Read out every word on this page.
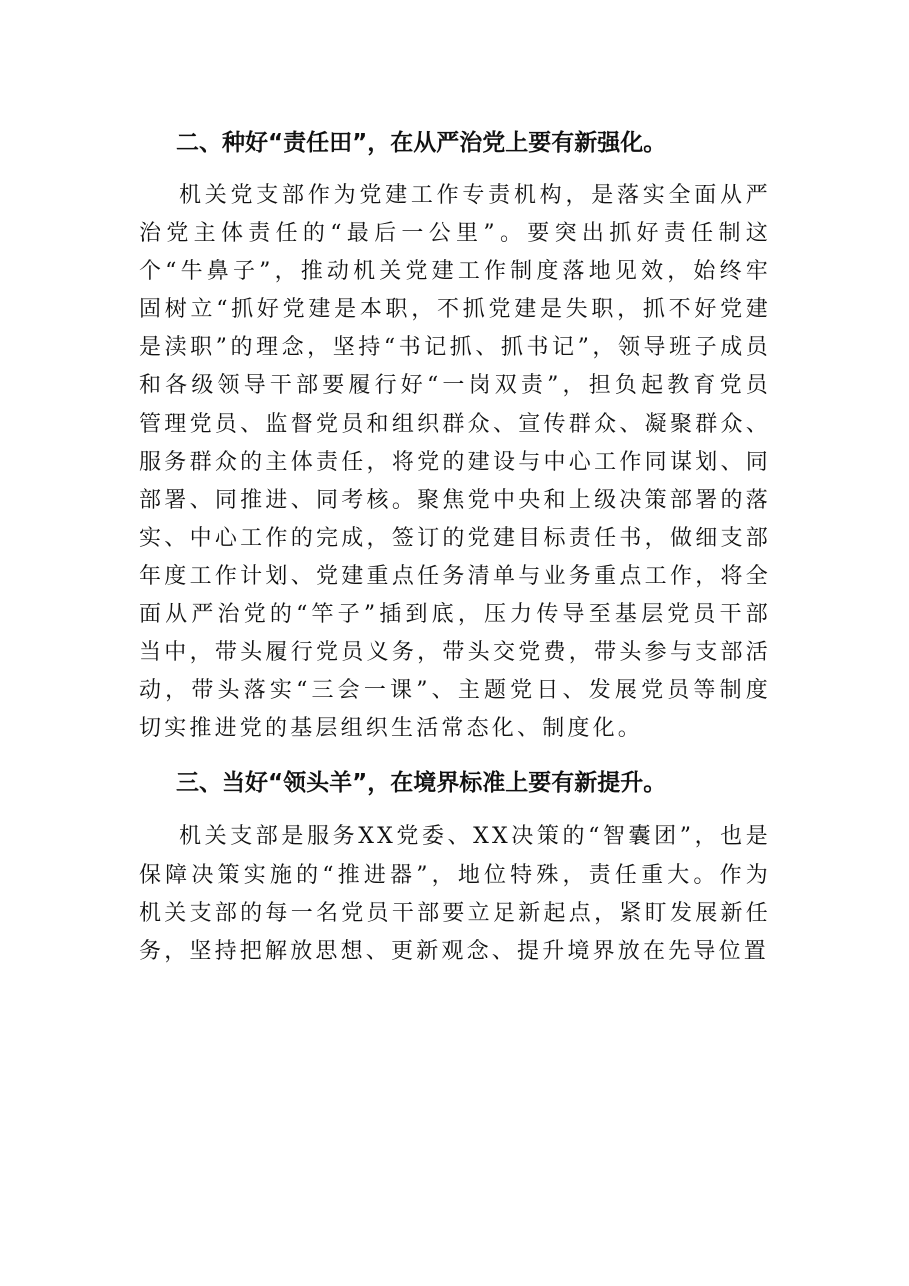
二、种好“责任田”，在从严治党上要有新强化。

机关党支部作为党建工作专责机构，是落实全面从严治党主体责任的“最后一公里”。要突出抓好责任制这个“牛鼻子”，推动机关党建工作制度落地见效，始终牢固树立“抓好党建是本职，不抓党建是失职，抓不好党建是渎职”的理念，坚持“书记抓、抓书记”，领导班子成员和各级领导干部要履行好“一岗双责”，担负起教育党员管理党员、监督党员和组织群众、宣传群众、凝聚群众、服务群众的主体责任，将党的建设与中心工作同谋划、同部署、同推进、同考核。聚焦党中央和上级决策部署的落实、中心工作的完成，签订的党建目标责任书，做细支部年度工作计划、党建重点任务清单与业务重点工作，将全面从严治党的“竿子”插到底，压力传导至基层党员干部当中，带头履行党员义务，带头交党费，带头参与支部活动，带头落实“三会一课”、主题党日、发展党员等制度切实推进党的基层组织生活常态化、制度化。

三、当好“领头羊”，在境界标准上要有新提升。

机关支部是服务XX党委、XX决策的“智囊团”，也是保障决策实施的“推进器”，地位特殊，责任重大。作为机关支部的每一名党员干部要立足新起点，紧盯发展新任务，坚持把解放思想、更新观念、提升境界放在先导位置
